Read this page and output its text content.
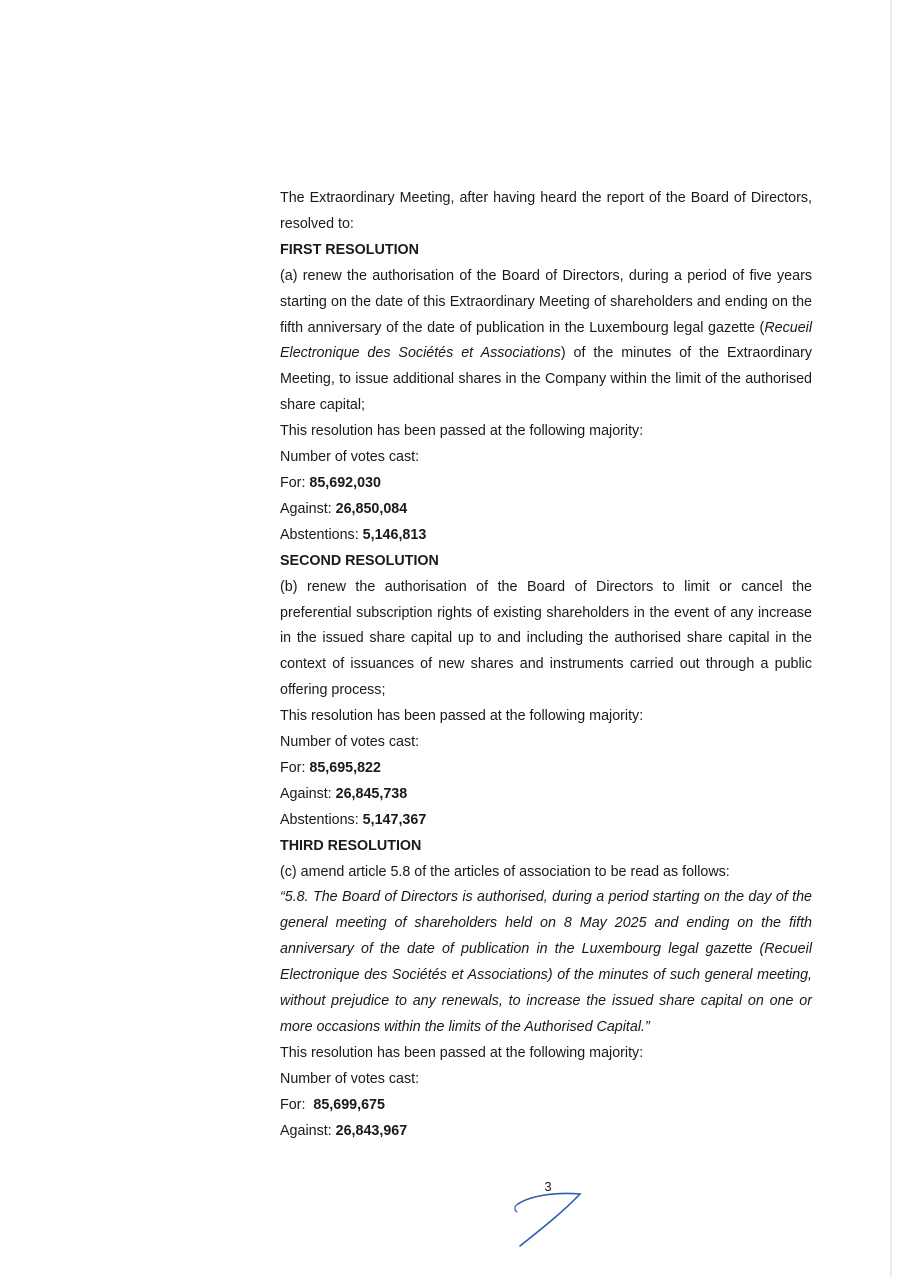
The Extraordinary Meeting, after having heard the report of the Board of Directors, resolved to:

FIRST RESOLUTION

(a) renew the authorisation of the Board of Directors, during a period of five years starting on the date of this Extraordinary Meeting of shareholders and ending on the fifth anniversary of the date of publication in the Luxembourg legal gazette (Recueil Electronique des Sociétés et Associations) of the minutes of the Extraordinary Meeting, to issue additional shares in the Company within the limit of the authorised share capital;

This resolution has been passed at the following majority:

Number of votes cast:

For: 85,692,030

Against: 26,850,084

Abstentions: 5,146,813

SECOND RESOLUTION

(b) renew the authorisation of the Board of Directors to limit or cancel the preferential subscription rights of existing shareholders in the event of any increase in the issued share capital up to and including the authorised share capital in the context of issuances of new shares and instruments carried out through a public offering process;

This resolution has been passed at the following majority:

Number of votes cast:

For: 85,695,822

Against: 26,845,738

Abstentions: 5,147,367

THIRD RESOLUTION

(c) amend article 5.8 of the articles of association to be read as follows:

“5.8. The Board of Directors is authorised, during a period starting on the day of the general meeting of shareholders held on 8 May 2025 and ending on the fifth anniversary of the date of publication in the Luxembourg legal gazette (Recueil Electronique des Sociétés et Associations) of the minutes of such general meeting, without prejudice to any renewals, to increase the issued share capital on one or more occasions within the limits of the Authorised Capital.”

This resolution has been passed at the following majority:

Number of votes cast:

For: 85,699,675

Against: 26,843,967

3
